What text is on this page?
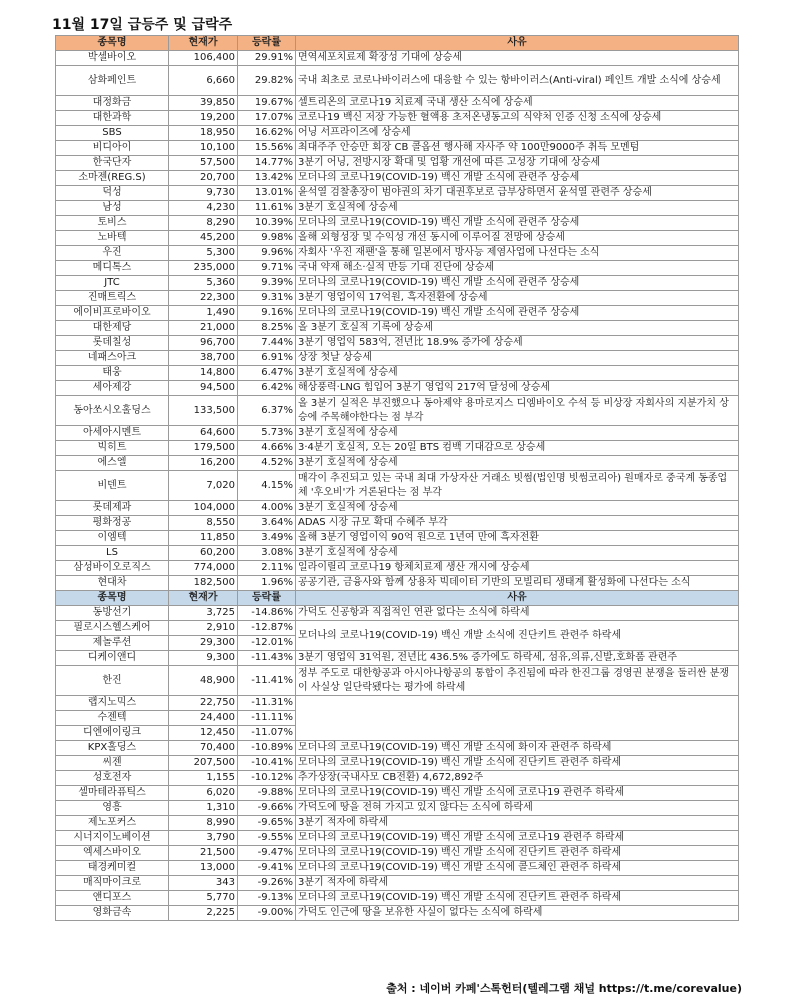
11월 17일 급등주 및 급락주
종목명	현재가	등락률	사유
박셀바이오	106,400	29.91%	면역세포치료제 확장성 기대에 상승세
삼화페인트	6,660	29.82%	국내 최초로 코로나바이러스에 대응할 수 있는 항바이러스(Anti-viral) 페인트 개발 소식에 상승세
대정화금	39,850	19.67%	셀트리온의 코로나19 치료제 국내 생산 소식에 상승세
대한과학	19,200	17.07%	코로나19 백신 저장 가능한 혈액용 초저온냉동고의 식약처 인증 신청 소식에 상승세
SBS	18,950	16.62%	어닝 서프라이즈에 상승세
비디아이	10,100	15.56%	최대주주 안승만 회장 CB 콜옵션 행사해 자사주 약 100만9000주 취득 모멘텀
한국단자	57,500	14.77%	3분기 어닝, 전방시장 확대 및 업황 개선에 따른 고성장 기대에 상승세
소마젠(REG.S)	20,700	13.42%	모더나의 코로나19(COVID-19) 백신 개발 소식에 관련주 상승세
덕성	9,730	13.01%	윤석열 검찰총장이 범야권의 차기 대권후보로 급부상하면서 윤석열 관련주 상승세
남성	4,230	11.61%	3분기 호실적에 상승세
토비스	8,290	10.39%	모더나의 코로나19(COVID-19) 백신 개발 소식에 관련주 상승세
노바텍	45,200	9.98%	올해 외형성장 및 수익성 개선 동시에 이루어질 전망에 상승세
우진	5,300	9.96%	자회사 '우진 재팬'을 통해 일본에서 방사능 제염사업에 나선다는 소식
메디톡스	235,000	9.71%	국내 약재 해소·실적 반등 기대 진단에 상승세
JTC	5,360	9.39%	모더나의 코로나19(COVID-19) 백신 개발 소식에 관련주 상승세
진매트릭스	22,300	9.31%	3분기 영업이익 17억원, 흑자전환에 상승세
에이비프로바이오	1,490	9.16%	모더나의 코로나19(COVID-19) 백신 개발 소식에 관련주 상승세
대한제당	21,000	8.25%	올 3분기 호실적 기록에 상승세
롯데칠성	96,700	7.44%	3분기 영업익 583억, 전년比 18.9% 증가에 상승세
네패스아크	38,700	6.91%	상장 첫날 상승세
태웅	14,800	6.47%	3분기 호실적에 상승세
세아제강	94,500	6.42%	해상풍력·LNG 힘입어 3분기 영업익 217억 달성에 상승세
동아쏘시오홀딩스	133,500	6.37%	올 3분기 실적은 부진했으나 동아제약 용마로지스 디엠바이오 수석 등 비상장 자회사의 지분가치 상승에 주목해야한다는 점 부각
아세아시멘트	64,600	5.73%	3분기 호실적에 상승세
빅히트	179,500	4.66%	3·4분기 호실적, 오는 20일 BTS 컴백 기대감으로 상승세
에스엘	16,200	4.52%	3분기 호실적에 상승세
비덴트	7,020	4.15%	매각이 추진되고 있는 국내 최대 가상자산 거래소 빗썸(법인명 빗썸코리아) 원매자로 중국계 동종업체 '후오비'가 거론된다는 점 부각
롯데제과	104,000	4.00%	3분기 호실적에 상승세
평화정공	8,550	3.64%	ADAS 시장 규모 확대 수혜주 부각
이엠텍	11,850	3.49%	올해 3분기 영업이익 90억 원으로 1년여 만에 흑자전환
LS	60,200	3.08%	3분기 호실적에 상승세
삼성바이오로직스	774,000	2.11%	일라이릴리 코로나19 항체치료제 생산 개시에 상승세
현대차	182,500	1.96%	공공기관, 금융사와 함께 상용차 빅데이터 기반의 모빌리티 생태계 활성화에 나선다는 소식
종목명	현재가	등락률	사유
동방선기	3,725	-14.86%	가덕도 신공항과 직접적인 연관 없다는 소식에 하락세
필로시스헬스케어	2,910	-12.87%	모더나의 코로나19(COVID-19) 백신 개발 소식에 진단키트 관련주 하락세
제놀루션	29,300	-12.01%	
디케이앤디	9,300	-11.43%	3분기 영업익 31억원, 전년比 436.5% 증가에도 하락세, 섬유,의류,신발,호화품 관련주
한진	48,900	-11.41%	정부 주도로 대한항공과 아시아나항공의 통합이 추진됨에 따라 한진그룹 경영권 분쟁을 둘러싼 분쟁이 사실상 일단락됐다는 평가에 하락세
랩지노믹스	22,750	-11.31%	
수젠텍	24,400	-11.11%	
디엔에이링크	12,450	-11.07%	
KPX홀딩스	70,400	-10.89%	모더나의 코로나19(COVID-19) 백신 개발 소식에 화이자 관련주 하락세
씨젠	207,500	-10.41%	모더나의 코로나19(COVID-19) 백신 개발 소식에 진단키트 관련주 하락세
성호전자	1,155	-10.12%	추가상장(국내사모 CB전환) 4,672,892주
셀마테라퓨틱스	6,020	-9.88%	모더나의 코로나19(COVID-19) 백신 개발 소식에 코로나19 관련주 하락세
영흥	1,310	-9.66%	가덕도에 땅을 전혀 가지고 있지 않다는 소식에 하락세
제노포커스	8,990	-9.65%	3분기 적자에 하락세
시너지이노베이션	3,790	-9.55%	모더나의 코로나19(COVID-19) 백신 개발 소식에 코로나19 관련주 하락세
엑세스바이오	21,500	-9.47%	모더나의 코로나19(COVID-19) 백신 개발 소식에 진단키트 관련주 하락세
태경케미컬	13,000	-9.41%	모더나의 코로나19(COVID-19) 백신 개발 소식에 콜드체인 관련주 하락세
매직마이크로	343	-9.26%	3분기 적자에 하락세
앤디포스	5,770	-9.13%	모더나의 코로나19(COVID-19) 백신 개발 소식에 진단키트 관련주 하락세
영화금속	2,225	-9.00%	가덕도 인근에 땅을 보유한 사실이 없다는 소식에 하락세
출처 : 네이버 카페'스톡헌터(텔레그램 채널 https://t.me/corevalue)
